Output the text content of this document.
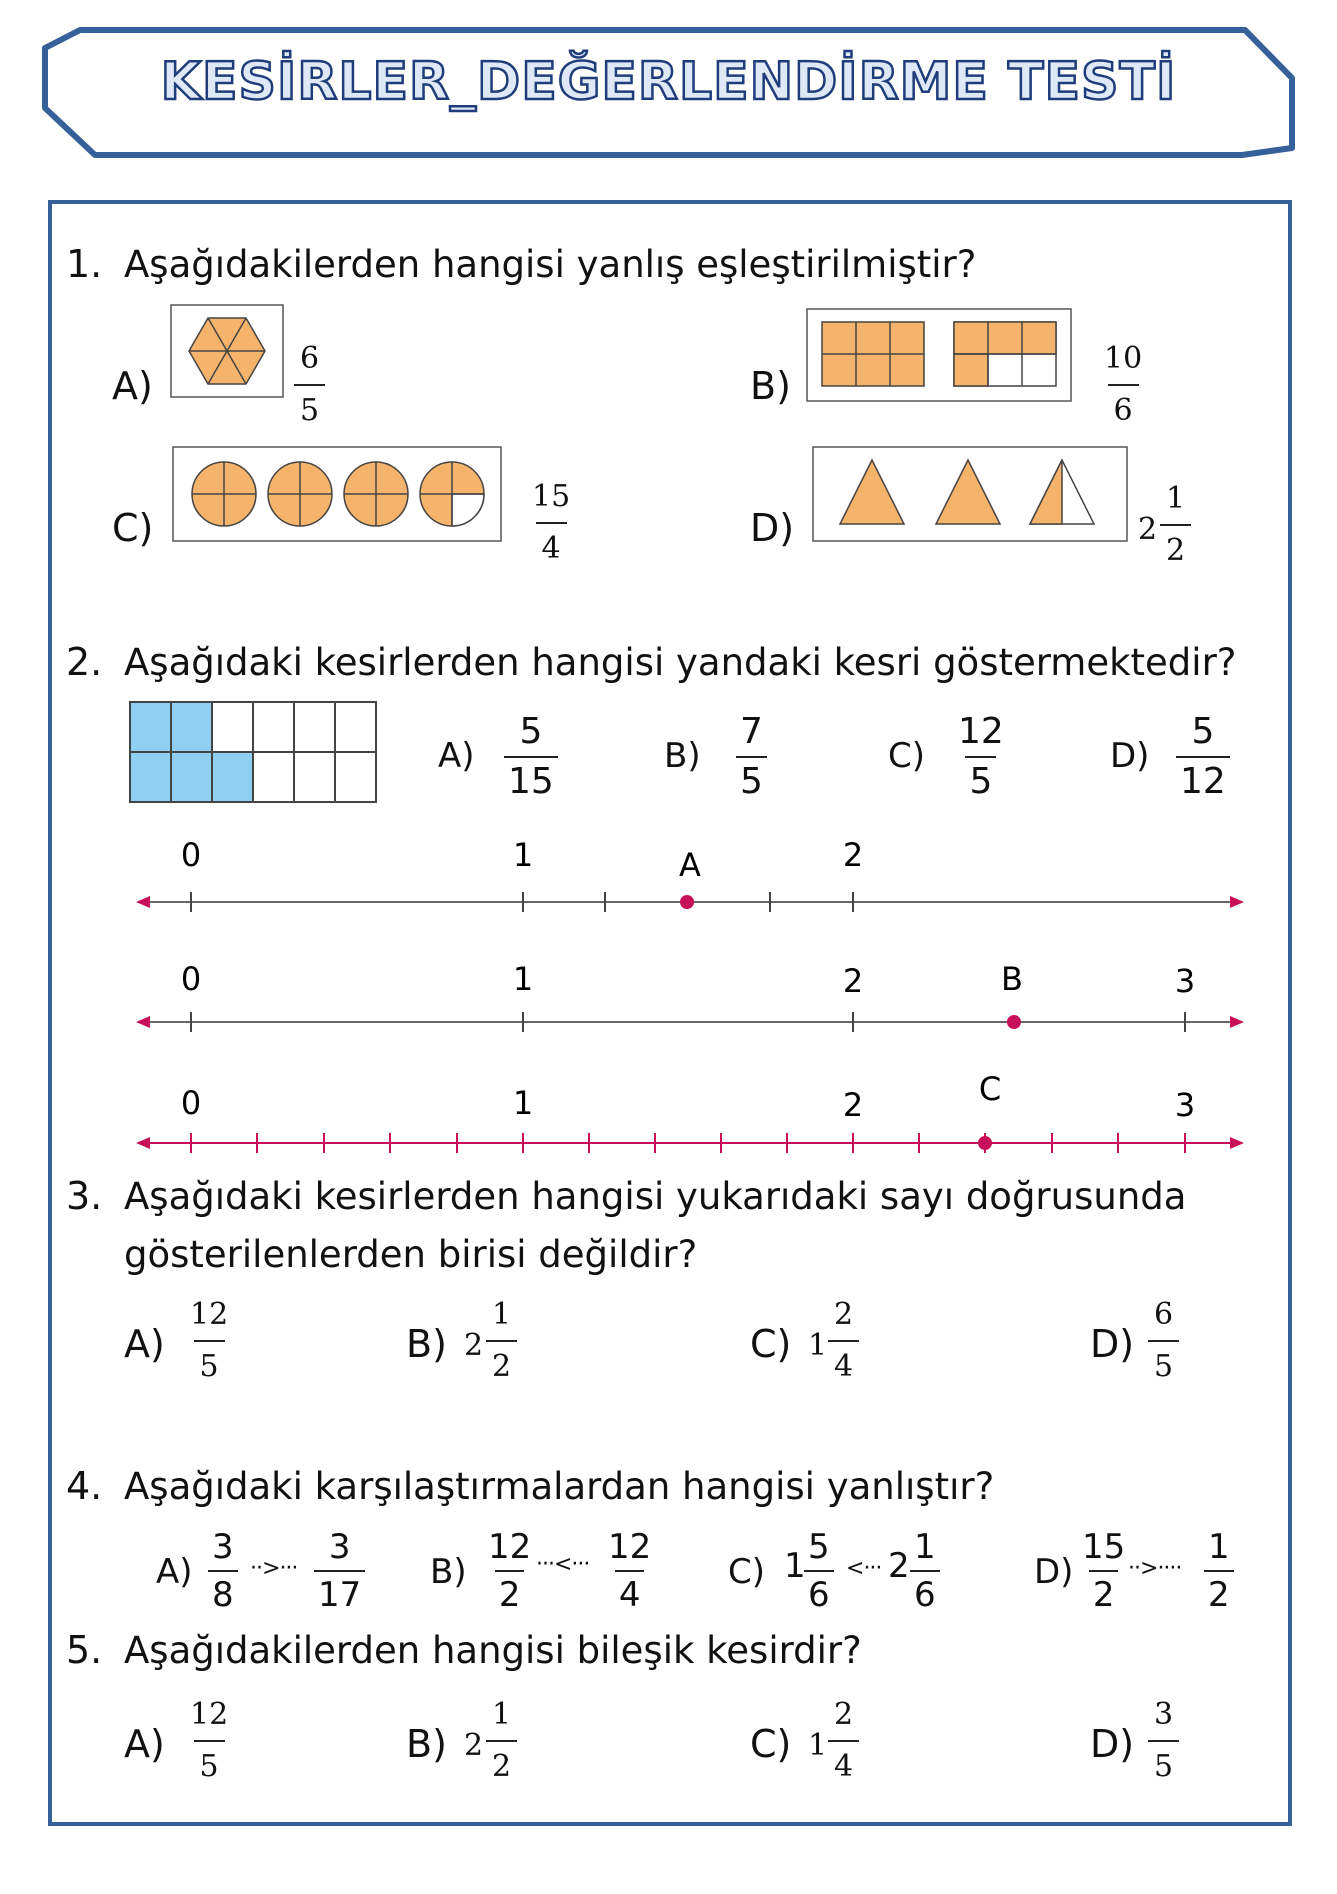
KESİRLER_DEĞERLENDİRME TESTİ
1. Aşağıdakilerden hangisi yanlış eşleştirilmiştir?
A)	$\frac{6}{5}$	B)	$\frac{10}{6}$
C)	$\frac{15}{4}$	D)	$2 \frac{1}{2}$
2. Aşağıdaki kesirlerden hangisi yandaki kesri göstermektedir?
$A) \frac{5}{15}$	$B) \frac{7}{5}$	$C) \frac{12}{5}$	$D) \frac{5}{12}$
0	1	2
A
0	1	2	3
B
0	1	2	3
C
3. Aşağıdaki kesirlerden hangisi yukarıdaki sayı doğrusunda
gösterilenlerden birisi değildir?
$A) \frac{12}{5}$	B) $2 \frac{1}{2}$	C) $1 \frac{2}{4}$	$D) \frac{6}{5}$
4. Aşağıdaki karşılaştırmalardan hangisi yanlıştır?
$A) \frac{3}{8}$ ··>··· $\frac{3}{17} B) \frac{12}{2}$ ···<··· $\frac{12}{4} C$) 1
$\frac{5}{6}$ <··· $2 \frac{1}{6}$	$D) \frac{15}{2}$
··>···· $\frac{1}{2}$
5. Aşağıdakilerden hangisi bileşik kesirdir?
$A) \frac{12}{5}$	B) $2 \frac{1}{2}$	C) $1 \frac{2}{4}$	$D) \frac{3}{5}$
